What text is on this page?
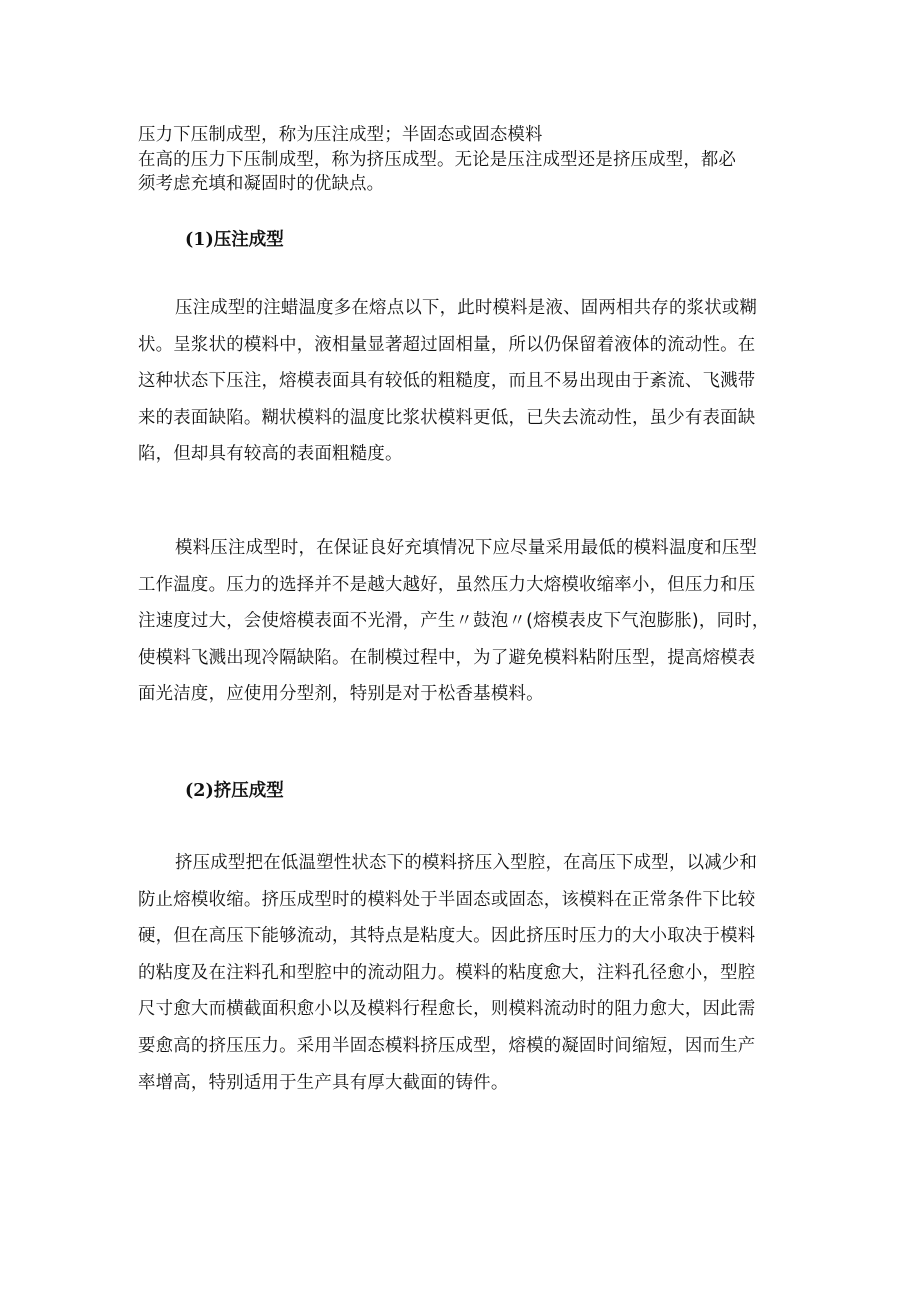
压力下压制成型，称为压注成型；半固态或固态模料
在高的压力下压制成型，称为挤压成型。无论是压注成型还是挤压成型，都必
须考虑充填和凝固时的优缺点。
(1)压注成型
压注成型的注蜡温度多在熔点以下，此时模料是液、固两相共存的浆状或糊
状。呈浆状的模料中，液相量显著超过固相量，所以仍保留着液体的流动性。在
这种状态下压注，熔模表面具有较低的粗糙度，而且不易出现由于紊流、飞溅带
来的表面缺陷。糊状模料的温度比浆状模料更低，已失去流动性，虽少有表面缺
陷，但却具有较高的表面粗糙度。
模料压注成型时，在保证良好充填情况下应尽量采用最低的模料温度和压型
工作温度。压力的选择并不是越大越好，虽然压力大熔模收缩率小，但压力和压
注速度过大，会使熔模表面不光滑，产生〃鼓泡〃(熔模表皮下气泡膨胀)，同时，
使模料飞溅出现冷隔缺陷。在制模过程中，为了避免模料粘附压型，提高熔模表
面光洁度，应使用分型剂，特别是对于松香基模料。
(2)挤压成型
挤压成型把在低温塑性状态下的模料挤压入型腔，在高压下成型，以减少和
防止熔模收缩。挤压成型时的模料处于半固态或固态，该模料在正常条件下比较
硬，但在高压下能够流动，其特点是粘度大。因此挤压时压力的大小取决于模料
的粘度及在注料孔和型腔中的流动阻力。模料的粘度愈大，注料孔径愈小，型腔
尺寸愈大而横截面积愈小以及模料行程愈长，则模料流动时的阻力愈大，因此需
要愈高的挤压压力。采用半固态模料挤压成型，熔模的凝固时间缩短，因而生产
率增高，特别适用于生产具有厚大截面的铸件。
